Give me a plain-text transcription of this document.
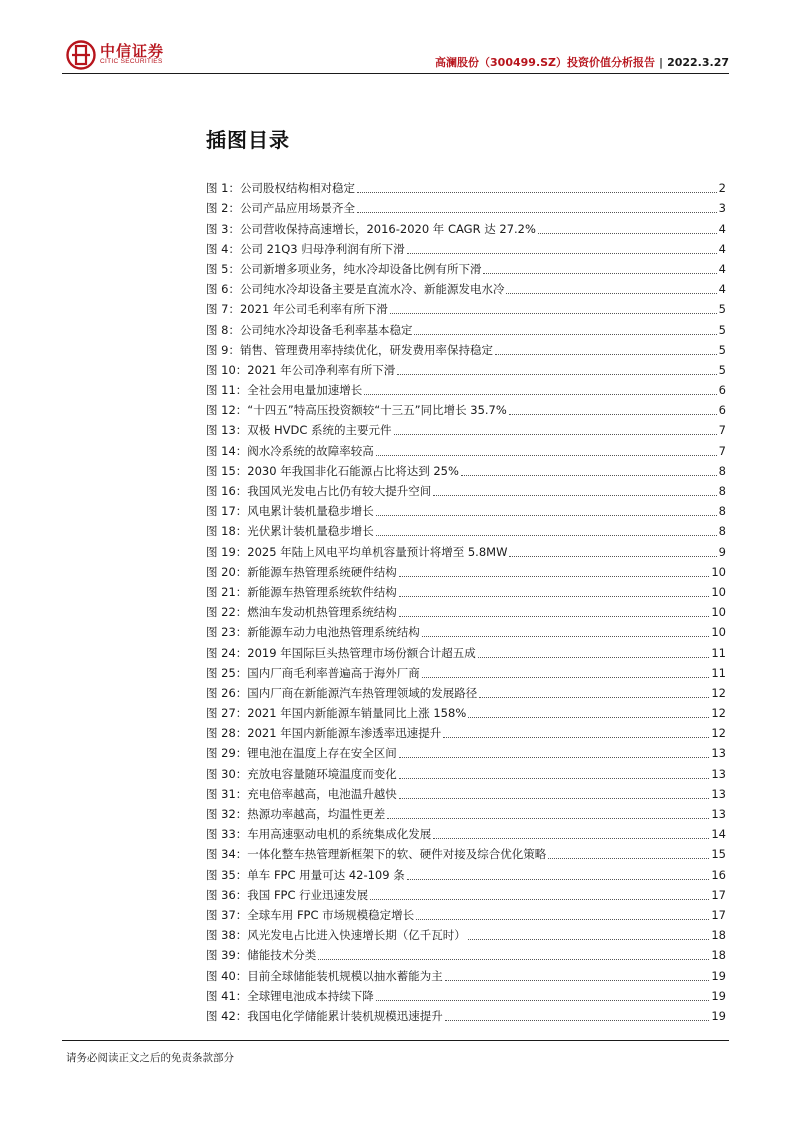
中信证券
CITIC SECURITIES	高澜股份（300499.SZ）投资价值分析报告 | 2022.3.27
插图目录
图 1：公司股权结构相对稳定	2
图 2：公司产品应用场景齐全	3
图 3：公司营收保持高速增长，2016-2020 年 CAGR 达 27.2%	4
图 4：公司 21Q3 归母净利润有所下滑	4
图 5：公司新增多项业务，纯水冷却设备比例有所下滑	4
图 6：公司纯水冷却设备主要是直流水冷、新能源发电水冷	4
图 7：2021 年公司毛利率有所下滑	5
图 8：公司纯水冷却设备毛利率基本稳定	5
图 9：销售、管理费用率持续优化，研发费用率保持稳定	5
图 10：2021 年公司净利率有所下滑	5
图 11：全社会用电量加速增长	6
图 12：“十四五”特高压投资额较“十三五”同比增长 35.7%	6
图 13：双极 HVDC 系统的主要元件	7
图 14：阀水冷系统的故障率较高	7
图 15：2030 年我国非化石能源占比将达到 25%	8
图 16：我国风光发电占比仍有较大提升空间	8
图 17：风电累计装机量稳步增长	8
图 18：光伏累计装机量稳步增长	8
图 19：2025 年陆上风电平均单机容量预计将增至 5.8MW	9
图 20：新能源车热管理系统硬件结构	10
图 21：新能源车热管理系统软件结构	10
图 22：燃油车发动机热管理系统结构	10
图 23：新能源车动力电池热管理系统结构	10
图 24：2019 年国际巨头热管理市场份额合计超五成	11
图 25：国内厂商毛利率普遍高于海外厂商	11
图 26：国内厂商在新能源汽车热管理领域的发展路径	12
图 27：2021 年国内新能源车销量同比上涨 158%	12
图 28：2021 年国内新能源车渗透率迅速提升	12
图 29：锂电池在温度上存在安全区间	13
图 30：充放电容量随环境温度而变化	13
图 31：充电倍率越高，电池温升越快	13
图 32：热源功率越高，均温性更差	13
图 33：车用高速驱动电机的系统集成化发展	14
图 34：一体化整车热管理新框架下的软、硬件对接及综合优化策略	15
图 35：单车 FPC 用量可达 42-109 条	16
图 36：我国 FPC 行业迅速发展	17
图 37：全球车用 FPC 市场规模稳定增长	17
图 38：风光发电占比进入快速增长期（亿千瓦时）	18
图 39：储能技术分类	18
图 40：目前全球储能装机规模以抽水蓄能为主	19
图 41：全球锂电池成本持续下降	19
图 42：我国电化学储能累计装机规模迅速提升	19
请务必阅读正文之后的免责条款部分
